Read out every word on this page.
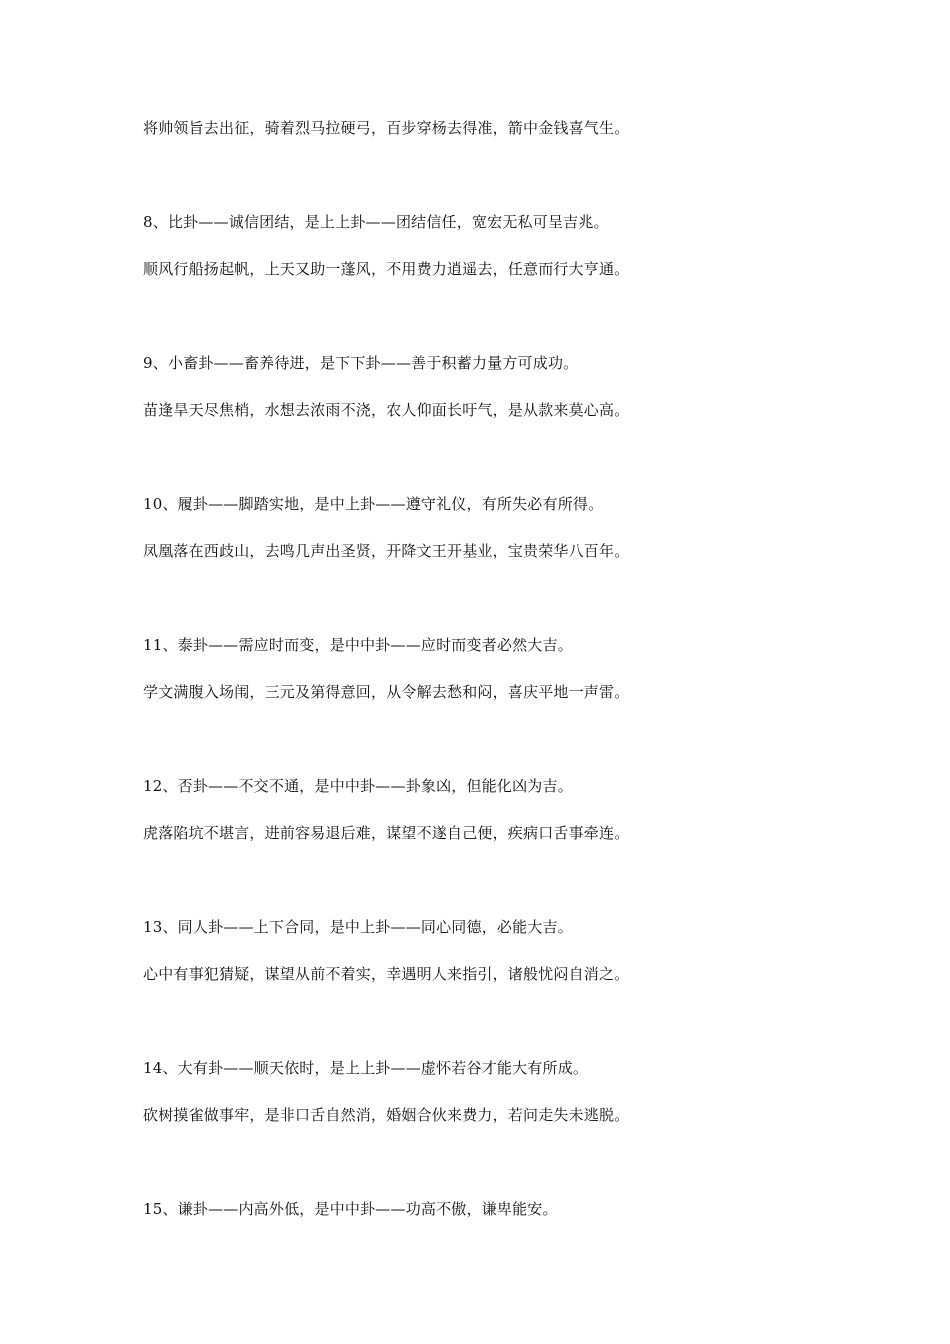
将帅领旨去出征，骑着烈马拉硬弓，百步穿杨去得准，箭中金钱喜气生。
8、比卦——诚信团结，是上上卦——团结信任，宽宏无私可呈吉兆。
顺风行船扬起帆，上天又助一蓬风，不用费力逍遥去，任意而行大亨通。
9、小畜卦——畜养待进，是下下卦——善于积蓄力量方可成功。
苗逢旱天尽焦梢，水想去浓雨不浇，农人仰面长吁气，是从款来莫心高。
10、履卦——脚踏实地，是中上卦——遵守礼仪，有所失必有所得。
凤凰落在西歧山，去鸣几声出圣贤，开降文王开基业，宝贵荣华八百年。
11、泰卦——需应时而变，是中中卦——应时而变者必然大吉。
学文满腹入场闱，三元及第得意回，从令解去愁和闷，喜庆平地一声雷。
12、否卦——不交不通，是中中卦——卦象凶，但能化凶为吉。
虎落陷坑不堪言，进前容易退后难，谋望不遂自己便，疾病口舌事牵连。
13、同人卦——上下合同，是中上卦——同心同德，必能大吉。
心中有事犯猜疑，谋望从前不着实，幸遇明人来指引，诸般忧闷自消之。
14、大有卦——顺天依时，是上上卦——虚怀若谷才能大有所成。
砍树摸雀做事牢，是非口舌自然消，婚姻合伙来费力，若问走失未逃脱。
15、谦卦——内高外低，是中中卦——功高不傲，谦卑能安。
